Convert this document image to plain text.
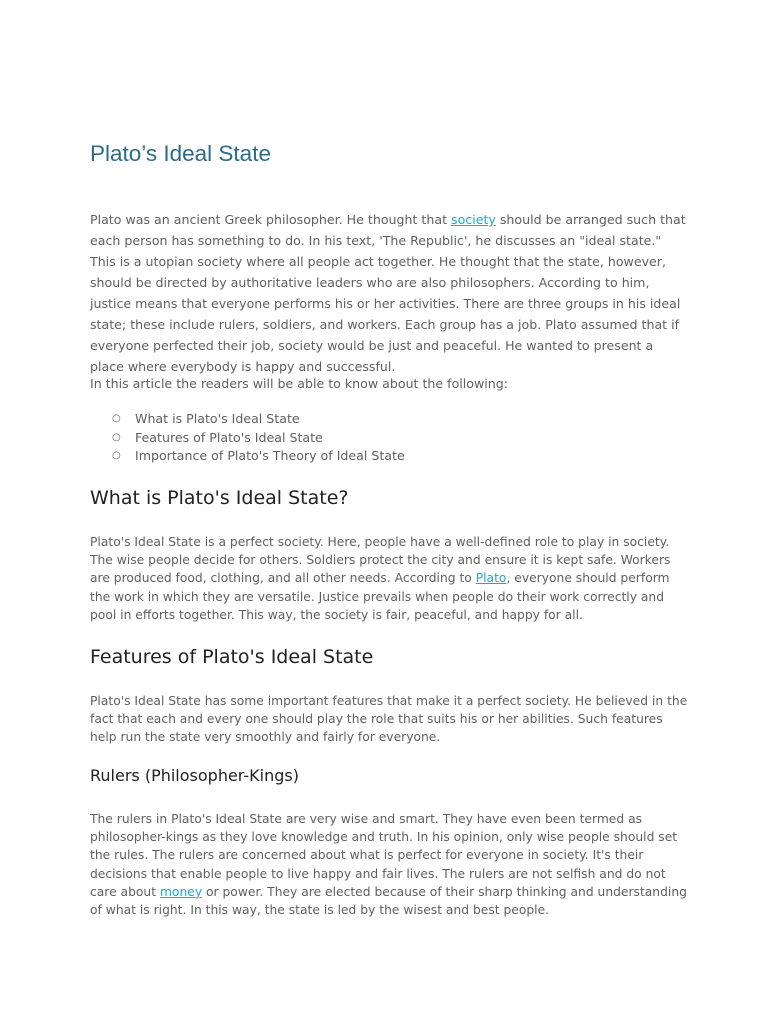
Plato’s Ideal State

Plato was an ancient Greek philosopher. He thought that society should be arranged such that each person has something to do. In his text, 'The Republic', he discusses an "ideal state." This is a utopian society where all people act together. He thought that the state, however, should be directed by authoritative leaders who are also philosophers. According to him, justice means that everyone performs his or her activities. There are three groups in his ideal state; these include rulers, soldiers, and workers. Each group has a job. Plato assumed that if everyone perfected their job, society would be just and peaceful. He wanted to present a place where everybody is happy and successful.

In this article the readers will be able to know about the following:

○ What is Plato's Ideal State
○ Features of Plato's Ideal State
○ Importance of Plato's Theory of Ideal State
What is Plato's Ideal State?

Plato's Ideal State is a perfect society. Here, people have a well-defined role to play in society. The wise people decide for others. Soldiers protect the city and ensure it is kept safe. Workers are produced food, clothing, and all other needs. According to Plato, everyone should perform the work in which they are versatile. Justice prevails when people do their work correctly and pool in efforts together. This way, the society is fair, peaceful, and happy for all.

Features of Plato's Ideal State

Plato's Ideal State has some important features that make it a perfect society. He believed in the fact that each and every one should play the role that suits his or her abilities. Such features help run the state very smoothly and fairly for everyone.

Rulers (Philosopher-Kings)

The rulers in Plato's Ideal State are very wise and smart. They have even been termed as philosopher-kings as they love knowledge and truth. In his opinion, only wise people should set the rules. The rulers are concerned about what is perfect for everyone in society. It's their decisions that enable people to live happy and fair lives. The rulers are not selfish and do not care about money or power. They are elected because of their sharp thinking and understanding of what is right. In this way, the state is led by the wisest and best people.
